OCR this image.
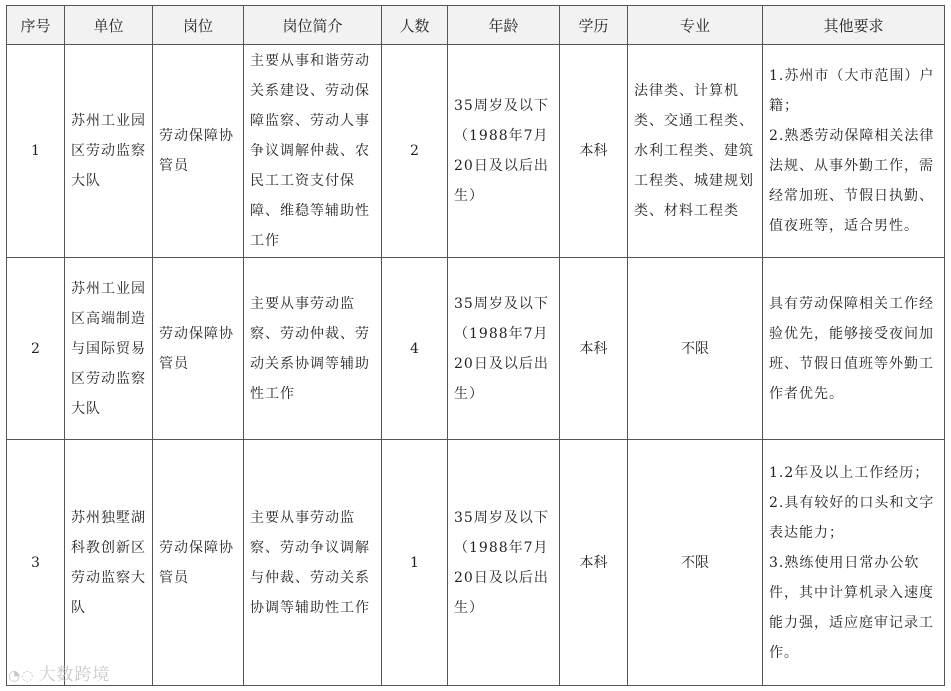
序号	单位	岗位	岗位简介	人数	年龄	学历	专业	其他要求
1	苏州工业园区劳动监察大队	劳动保障协管员	主要从事和谐劳动关系建设、劳动保障监察、劳动人事争议调解仲裁、农民工工资支付保障、维稳等辅助性工作	2	35周岁及以下（1988年7月20日及以后出生）	本科	法律类、计算机类、交通工程类、水利工程类、建筑工程类、城建规划类、材料工程类	1.苏州市（大市范围）户籍；
2.熟悉劳动保障相关法律法规、从事外勤工作，需经常加班、节假日执勤、值夜班等，适合男性。

2	苏州工业园区高端制造与国际贸易区劳动监察大队	劳动保障协管员	主要从事劳动监察、劳动仲裁、劳动关系协调等辅助性工作	4	35周岁及以下（1988年7月20日及以后出生）	本科	不限	具有劳动保障相关工作经验优先，能够接受夜间加班、节假日值班等外勤工作者优先。

3	苏州独墅湖科教创新区劳动监察大队	劳动保障协管员	主要从事劳动监察、劳动争议调解与仲裁、劳动关系协调等辅助性工作	1	35周岁及以下（1988年7月20日及以后出生）	本科	不限	1.2年及以上工作经历；
2.具有较好的口头和文字表达能力；
3.熟练使用日常办公软件，其中计算机录入速度能力强，适应庭审记录工作。
◔◌ 大数跨境
